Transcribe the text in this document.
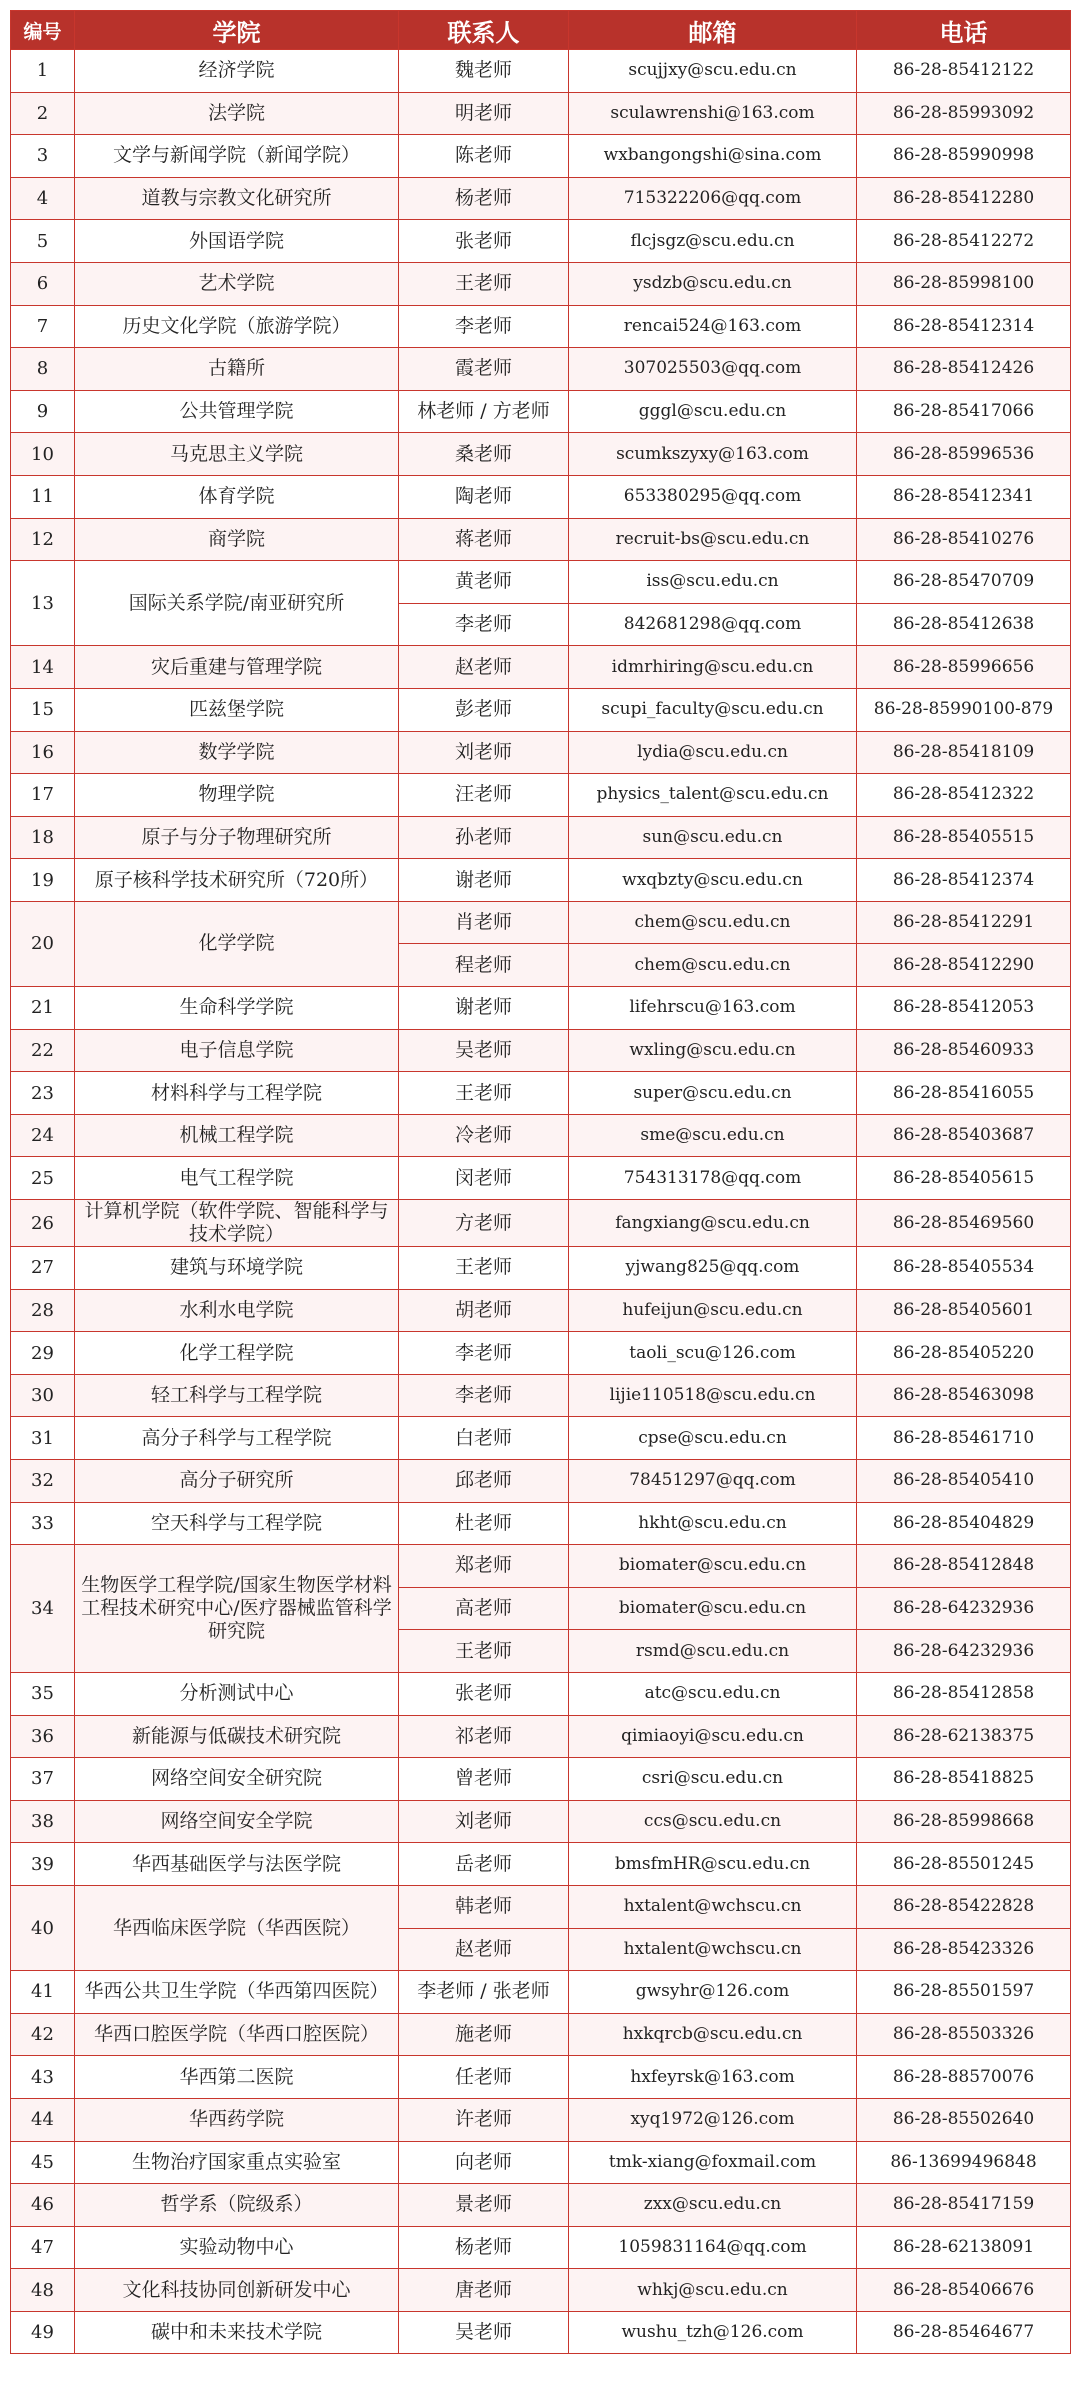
编号	学院	联系人	邮箱	电话
1	经济学院	魏老师	scujjxy@scu.edu.cn	86-28-85412122
2	法学院	明老师	sculawrenshi@163.com	86-28-85993092
3	文学与新闻学院（新闻学院）	陈老师	wxbangongshi@sina.com	86-28-85990998
4	道教与宗教文化研究所	杨老师	715322206@qq.com	86-28-85412280
5	外国语学院	张老师	flcjsgz@scu.edu.cn	86-28-85412272
6	艺术学院	王老师	ysdzb@scu.edu.cn	86-28-85998100
7	历史文化学院（旅游学院）	李老师	rencai524@163.com	86-28-85412314
8	古籍所	霞老师	307025503@qq.com	86-28-85412426
9	公共管理学院	林老师 / 方老师	gggl@scu.edu.cn	86-28-85417066
10	马克思主义学院	桑老师	scumkszyxy@163.com	86-28-85996536
11	体育学院	陶老师	653380295@qq.com	86-28-85412341
12	商学院	蒋老师	recruit-bs@scu.edu.cn	86-28-85410276
13	国际关系学院/南亚研究所	黄老师	iss@scu.edu.cn	86-28-85470709
		李老师	842681298@qq.com	86-28-85412638
14	灾后重建与管理学院	赵老师	idmrhiring@scu.edu.cn	86-28-85996656
15	匹兹堡学院	彭老师	scupi_faculty@scu.edu.cn	86-28-85990100-879
16	数学学院	刘老师	lydia@scu.edu.cn	86-28-85418109
17	物理学院	汪老师	physics_talent@scu.edu.cn	86-28-85412322
18	原子与分子物理研究所	孙老师	sun@scu.edu.cn	86-28-85405515
19	原子核科学技术研究所（720所）	谢老师	wxqbzty@scu.edu.cn	86-28-85412374
20	化学学院	肖老师	chem@scu.edu.cn	86-28-85412291
		程老师	chem@scu.edu.cn	86-28-85412290
21	生命科学学院	谢老师	lifehrscu@163.com	86-28-85412053
22	电子信息学院	吴老师	wxling@scu.edu.cn	86-28-85460933
23	材料科学与工程学院	王老师	super@scu.edu.cn	86-28-85416055
24	机械工程学院	冷老师	sme@scu.edu.cn	86-28-85403687
25	电气工程学院	闵老师	754313178@qq.com	86-28-85405615
26	计算机学院（软件学院、智能科学与技术学院）	方老师	fangxiang@scu.edu.cn	86-28-85469560
27	建筑与环境学院	王老师	yjwang825@qq.com	86-28-85405534
28	水利水电学院	胡老师	hufeijun@scu.edu.cn	86-28-85405601
29	化学工程学院	李老师	taoli_scu@126.com	86-28-85405220
30	轻工科学与工程学院	李老师	lijie110518@scu.edu.cn	86-28-85463098
31	高分子科学与工程学院	白老师	cpse@scu.edu.cn	86-28-85461710
32	高分子研究所	邱老师	78451297@qq.com	86-28-85405410
33	空天科学与工程学院	杜老师	hkht@scu.edu.cn	86-28-85404829
34	生物医学工程学院/国家生物医学材料工程技术研究中心/医疗器械监管科学研究院	郑老师	biomater@scu.edu.cn	86-28-85412848
		高老师	biomater@scu.edu.cn	86-28-64232936
		王老师	rsmd@scu.edu.cn	86-28-64232936
35	分析测试中心	张老师	atc@scu.edu.cn	86-28-85412858
36	新能源与低碳技术研究院	祁老师	qimiaoyi@scu.edu.cn	86-28-62138375
37	网络空间安全研究院	曾老师	csri@scu.edu.cn	86-28-85418825
38	网络空间安全学院	刘老师	ccs@scu.edu.cn	86-28-85998668
39	华西基础医学与法医学院	岳老师	bmsfmHR@scu.edu.cn	86-28-85501245
40	华西临床医学院（华西医院）	韩老师	hxtalent@wchscu.cn	86-28-85422828
		赵老师	hxtalent@wchscu.cn	86-28-85423326
41	华西公共卫生学院（华西第四医院）	李老师 / 张老师	gwsyhr@126.com	86-28-85501597
42	华西口腔医学院（华西口腔医院）	施老师	hxkqrcb@scu.edu.cn	86-28-85503326
43	华西第二医院	任老师	hxfeyrsk@163.com	86-28-88570076
44	华西药学院	许老师	xyq1972@126.com	86-28-85502640
45	生物治疗国家重点实验室	向老师	tmk-xiang@foxmail.com	86-13699496848
46	哲学系（院级系）	景老师	zxx@scu.edu.cn	86-28-85417159
47	实验动物中心	杨老师	1059831164@qq.com	86-28-62138091
48	文化科技协同创新研发中心	唐老师	whkj@scu.edu.cn	86-28-85406676
49	碳中和未来技术学院	吴老师	wushu_tzh@126.com	86-28-85464677
